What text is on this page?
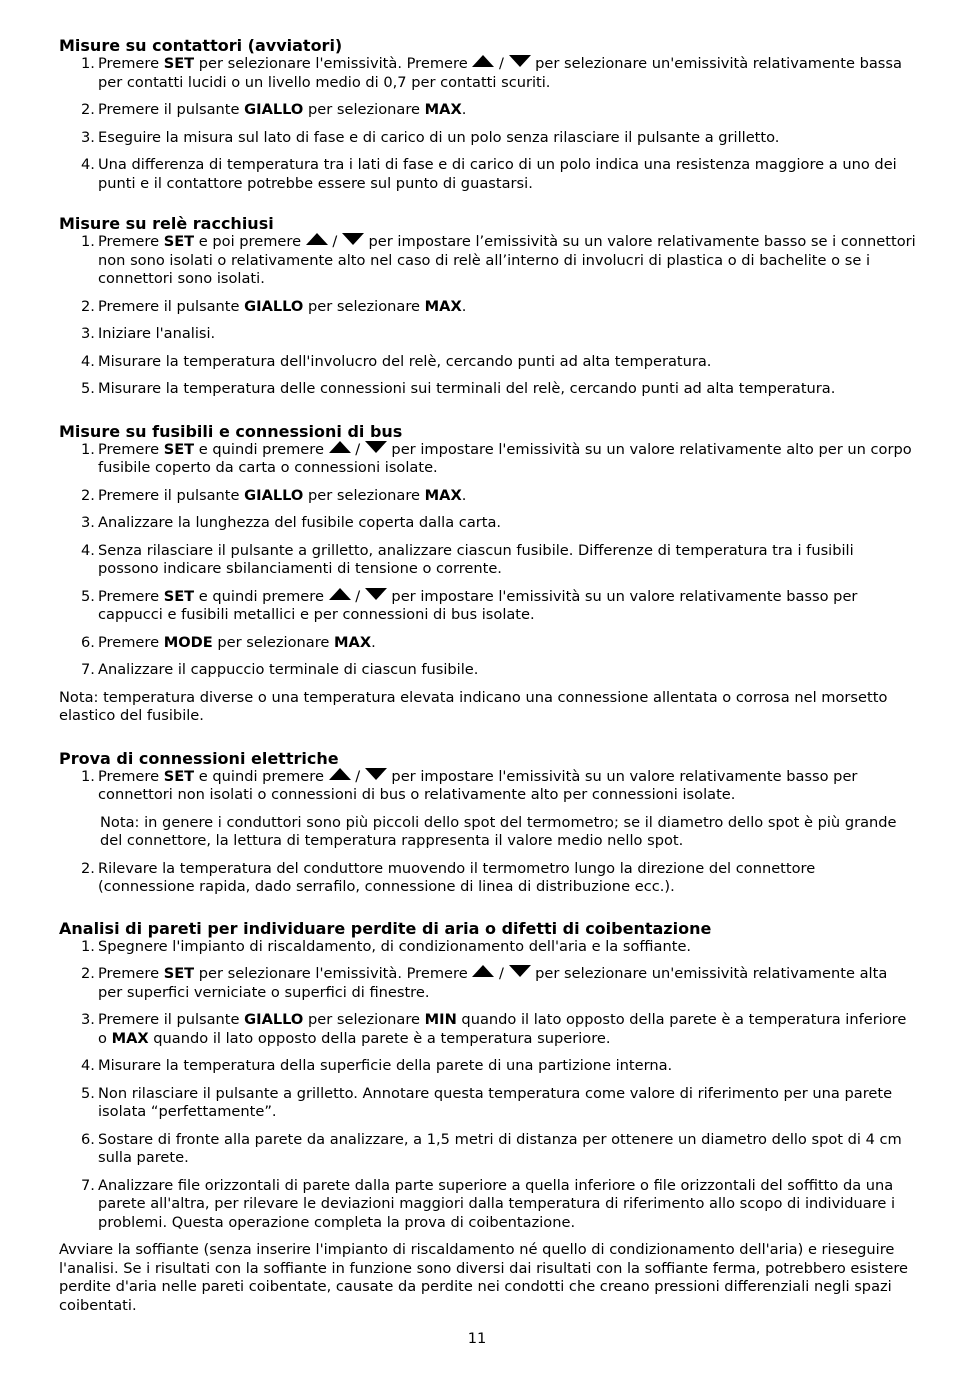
Misure su contattori (avviatori)
1. Premere SET per selezionare l'emissività. Premere  /  per selezionare un'emissività relativamente bassa per contatti lucidi o un livello medio di 0,7 per contatti scuriti.
2. Premere il pulsante GIALLO per selezionare MAX.
3. Eseguire la misura sul lato di fase e di carico di un polo senza rilasciare il pulsante a grilletto.
4. Una differenza di temperatura tra i lati di fase e di carico di un polo indica una resistenza maggiore a uno dei punti e il contattore potrebbe essere sul punto di guastarsi.
Misure su relè racchiusi
1. Premere SET e poi premere  /  per impostare l’emissività su un valore relativamente basso se i connettori non sono isolati o relativamente alto nel caso di relè all’interno di involucri di plastica o di bachelite o se i connettori sono isolati.
2. Premere il pulsante GIALLO per selezionare MAX.
3. Iniziare l'analisi.
4. Misurare la temperatura dell'involucro del relè, cercando punti ad alta temperatura.
5. Misurare la temperatura delle connessioni sui terminali del relè, cercando punti ad alta temperatura.
Misure su fusibili e connessioni di bus
1. Premere SET e quindi premere  /  per impostare l'emissività su un valore relativamente alto per un corpo fusibile coperto da carta o connessioni isolate.
2. Premere il pulsante GIALLO per selezionare MAX.
3. Analizzare la lunghezza del fusibile coperta dalla carta.
4. Senza rilasciare il pulsante a grilletto, analizzare ciascun fusibile. Differenze di temperatura tra i fusibili possono indicare sbilanciamenti di tensione o corrente.
5. Premere SET e quindi premere  /  per impostare l'emissività su un valore relativamente basso per cappucci e fusibili metallici e per connessioni di bus isolate.
6. Premere MODE per selezionare MAX.
7. Analizzare il cappuccio terminale di ciascun fusibile.
Nota: temperatura diverse o una temperatura elevata indicano una connessione allentata o corrosa nel morsetto elastico del fusibile.
Prova di connessioni elettriche
1. Premere SET e quindi premere  /  per impostare l'emissività su un valore relativamente basso per connettori non isolati o connessioni di bus o relativamente alto per connessioni isolate.
Nota: in genere i conduttori sono più piccoli dello spot del termometro; se il diametro dello spot è più grande del connettore, la lettura di temperatura rappresenta il valore medio nello spot.
2. Rilevare la temperatura del conduttore muovendo il termometro lungo la direzione del connettore (connessione rapida, dado serrafilo, connessione di linea di distribuzione ecc.).
Analisi di pareti per individuare perdite di aria o difetti di coibentazione
1. Spegnere l'impianto di riscaldamento, di condizionamento dell'aria e la soffiante.
2. Premere SET per selezionare l'emissività. Premere  /  per selezionare un'emissività relativamente alta per superfici verniciate o superfici di finestre.
3. Premere il pulsante GIALLO per selezionare MIN quando il lato opposto della parete è a temperatura inferiore o MAX quando il lato opposto della parete è a temperatura superiore.
4. Misurare la temperatura della superficie della parete di una partizione interna.
5. Non rilasciare il pulsante a grilletto. Annotare questa temperatura come valore di riferimento per una parete isolata “perfettamente”.
6. Sostare di fronte alla parete da analizzare, a 1,5 metri di distanza per ottenere un diametro dello spot di 4 cm sulla parete.
7. Analizzare file orizzontali di parete dalla parte superiore a quella inferiore o file orizzontali del soffitto da una parete all'altra, per rilevare le deviazioni maggiori dalla temperatura di riferimento allo scopo di individuare i problemi. Questa operazione completa la prova di coibentazione.
Avviare la soffiante (senza inserire l'impianto di riscaldamento né quello di condizionamento dell'aria) e rieseguire l'analisi. Se i risultati con la soffiante in funzione sono diversi dai risultati con la soffiante ferma, potrebbero esistere perdite d'aria nelle pareti coibentate, causate da perdite nei condotti che creano pressioni differenziali negli spazi coibentati.
11
